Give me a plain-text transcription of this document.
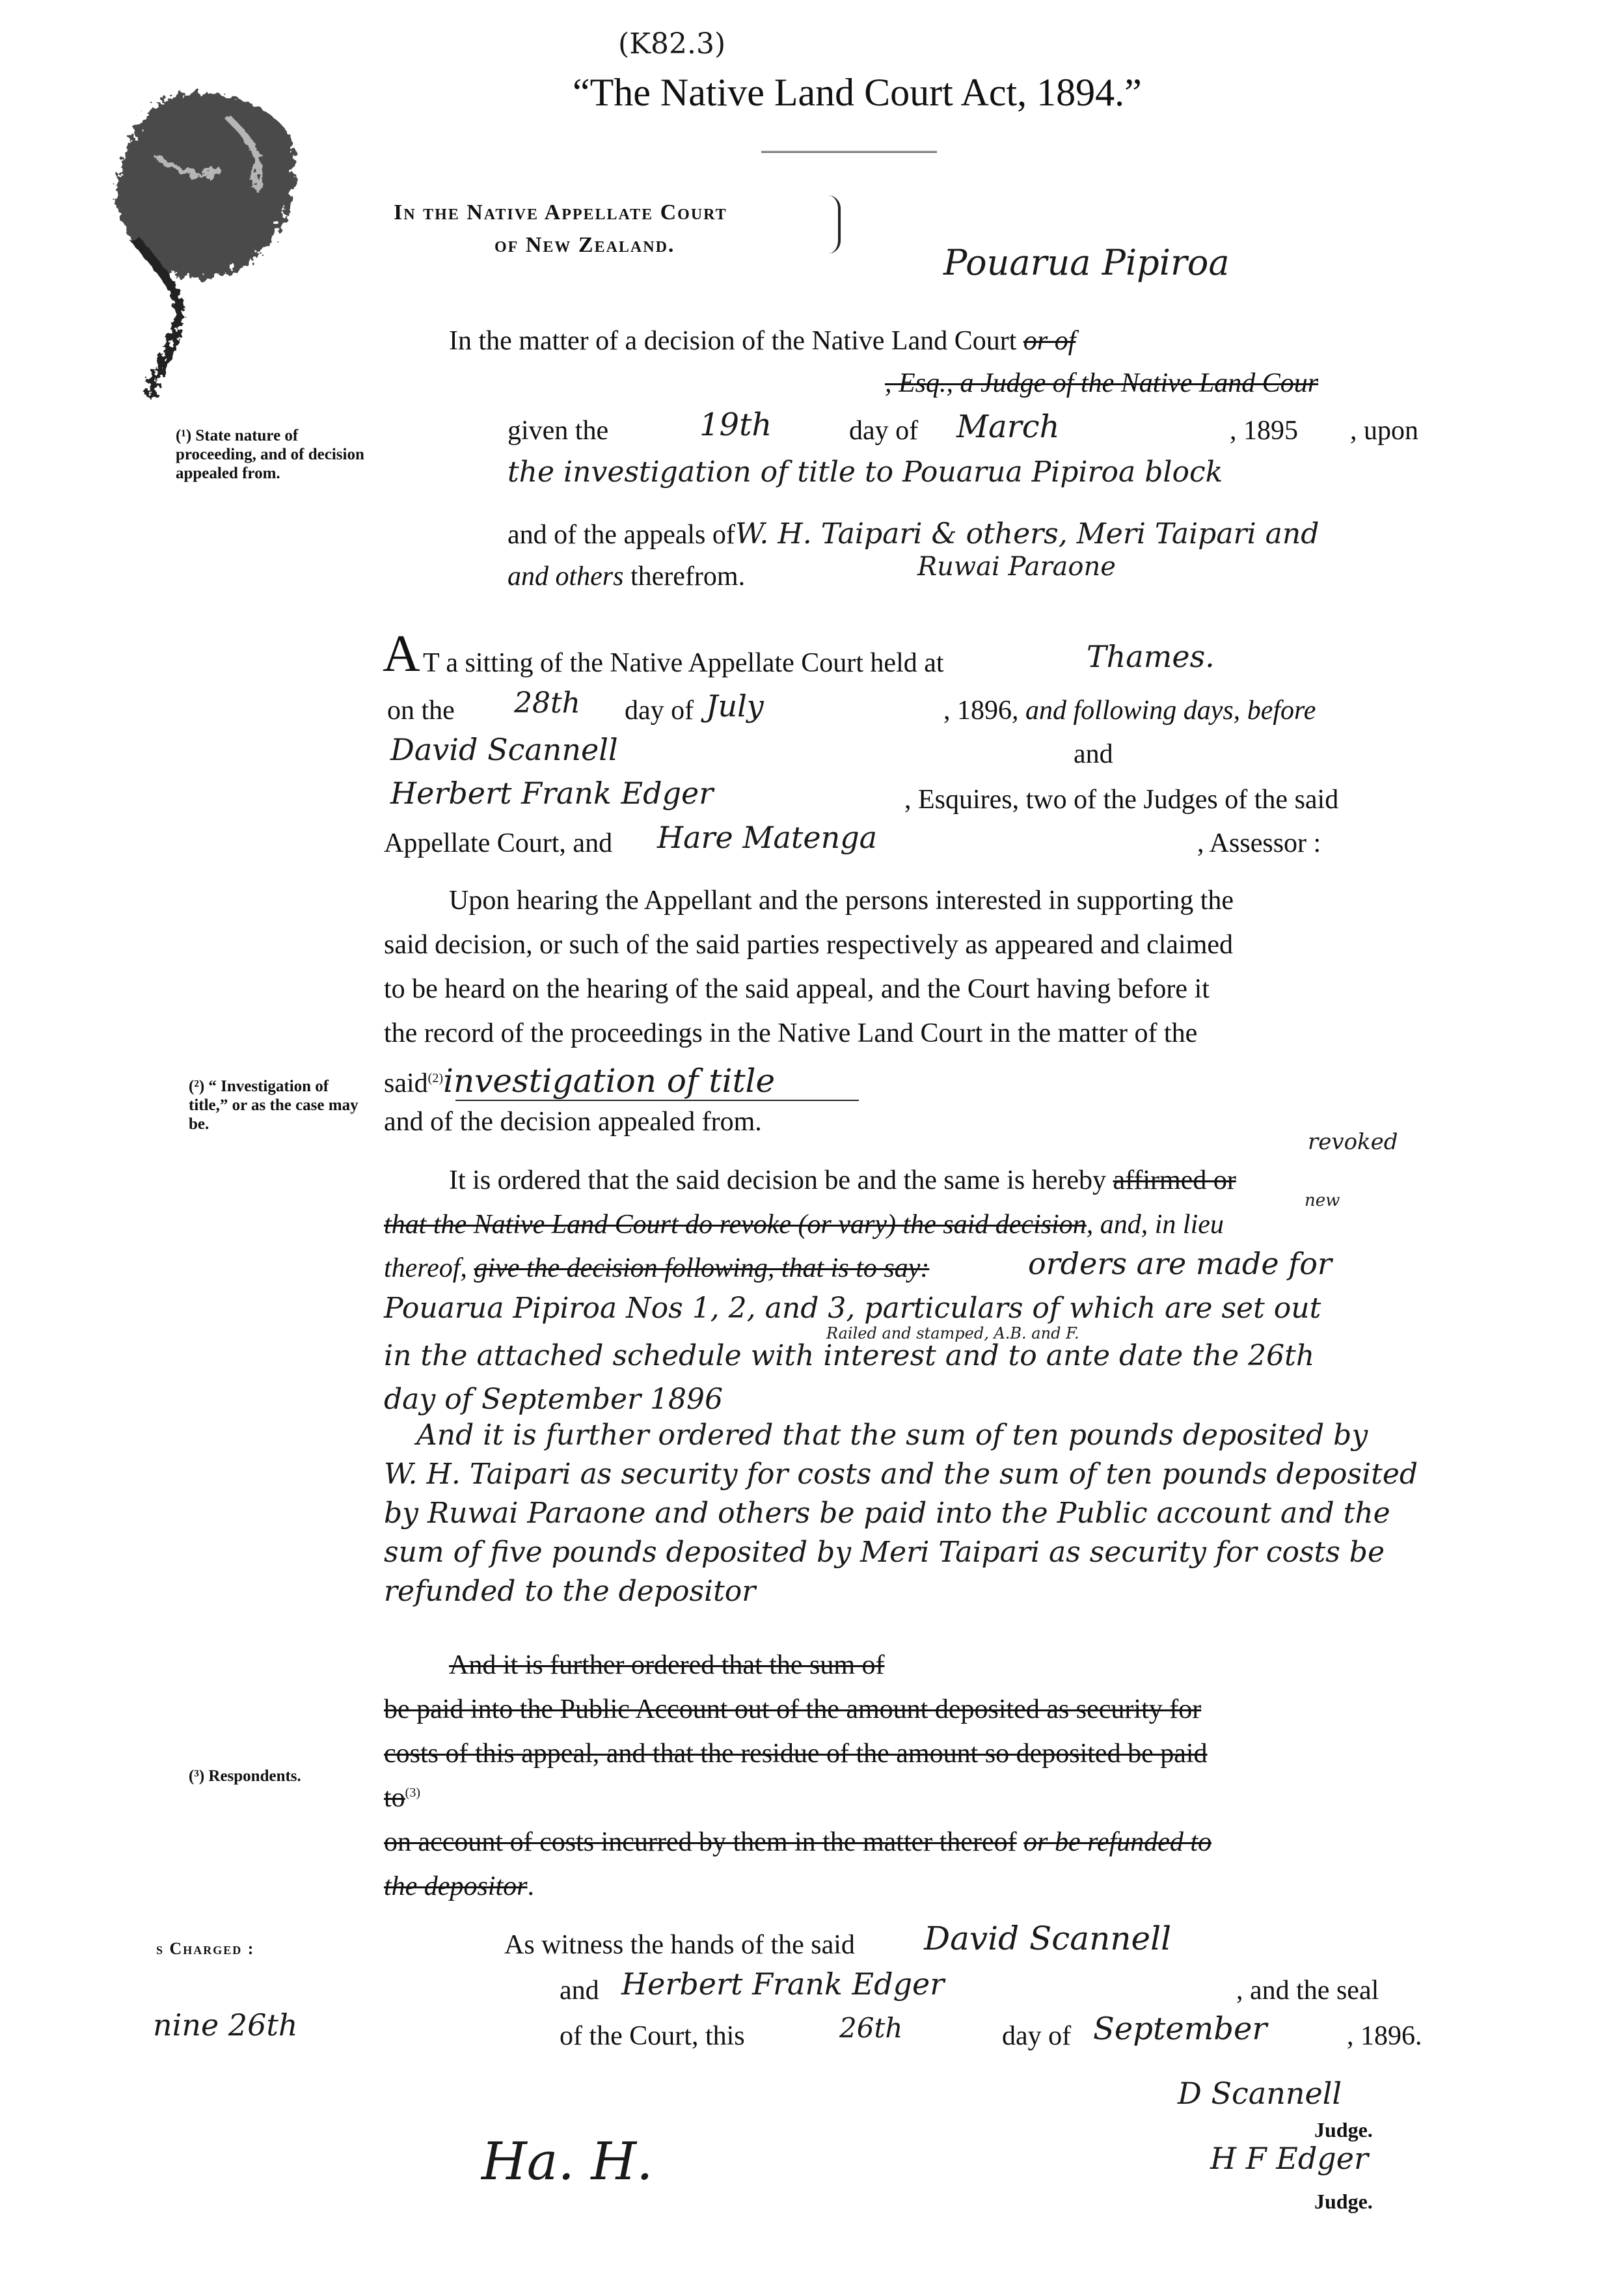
(K82.3)
“The Native Land Court Act, 1894.”
In the Native Appellate Court
of New Zealand.	Pouarua Pipiroa
In the matter of a decision of the Native Land Court or of
, Esq., a Judge of the Native Land Cour
given the	19th	day of March	, 1895 , upon
the investigation of title to Pouarua Pipiroa block
and of the appeals ofW. H. Taipari & others, Meri Taipari and
Ruwai Paraone
and others therefrom.
A T a sitting of the Native Appellate Court held at	Thames.
on the 28th day of July	, 1896, and following days, before
David Scannell	and
Herbert Frank Edger	, Esquires, two of the Judges of the said
Appellate Court, and Hare Matenga	, Assessor :
Upon hearing the Appellant and the persons interested in supporting the
said decision, or such of the said parties respectively as appeared and claimed
to be heard on the hearing of the said appeal, and the Court having before it
the record of the proceedings in the Native Land Court in the matter of the
said$^{(2)}$investigation of title
and of the decision appealed from.
revoked
It is ordered that the said decision be and the same is hereby affirmed or
new
that the Native Land Court do revoke (or vary) the said decision, and, in lieu
thereof, give the decision following, that is to say:	orders are made for
Pouarua Pipiroa Nos 1, 2, and 3, particulars of which are set out
Railed and stamped, A.B. and F.
in the attached schedule with interest and to ante date the 26th
day of September 1896
And it is further ordered that the sum of ten pounds deposited by
W. H. Taipari as security for costs and the sum of ten pounds deposited
by Ruwai Paraone and others be paid into the Public account and the
sum of five pounds deposited by Meri Taipari as security for costs be
refunded to the depositor
And it is further ordered that the sum of
be paid into the Public Account out of the amount deposited as security for
costs of this appeal, and that the residue of the amount so deposited be paid
$to^{(3)}$
on account of costs incurred by them in the matter thereof or be refunded to
the depositor.
As witness the hands of the said David Scannell
and Herbert Frank Edger	, and the seal
of the Court, this	26th	day of September	, 1896.
D Scannell
Judge.
H F Edger
Judge.
Ha. H.
(¹) State nature of proceeding, and of decision appealed from.
(²) “ Investigation of title,” or as the case may be.
(³) Respondents.
s Charged :
nine 26th
